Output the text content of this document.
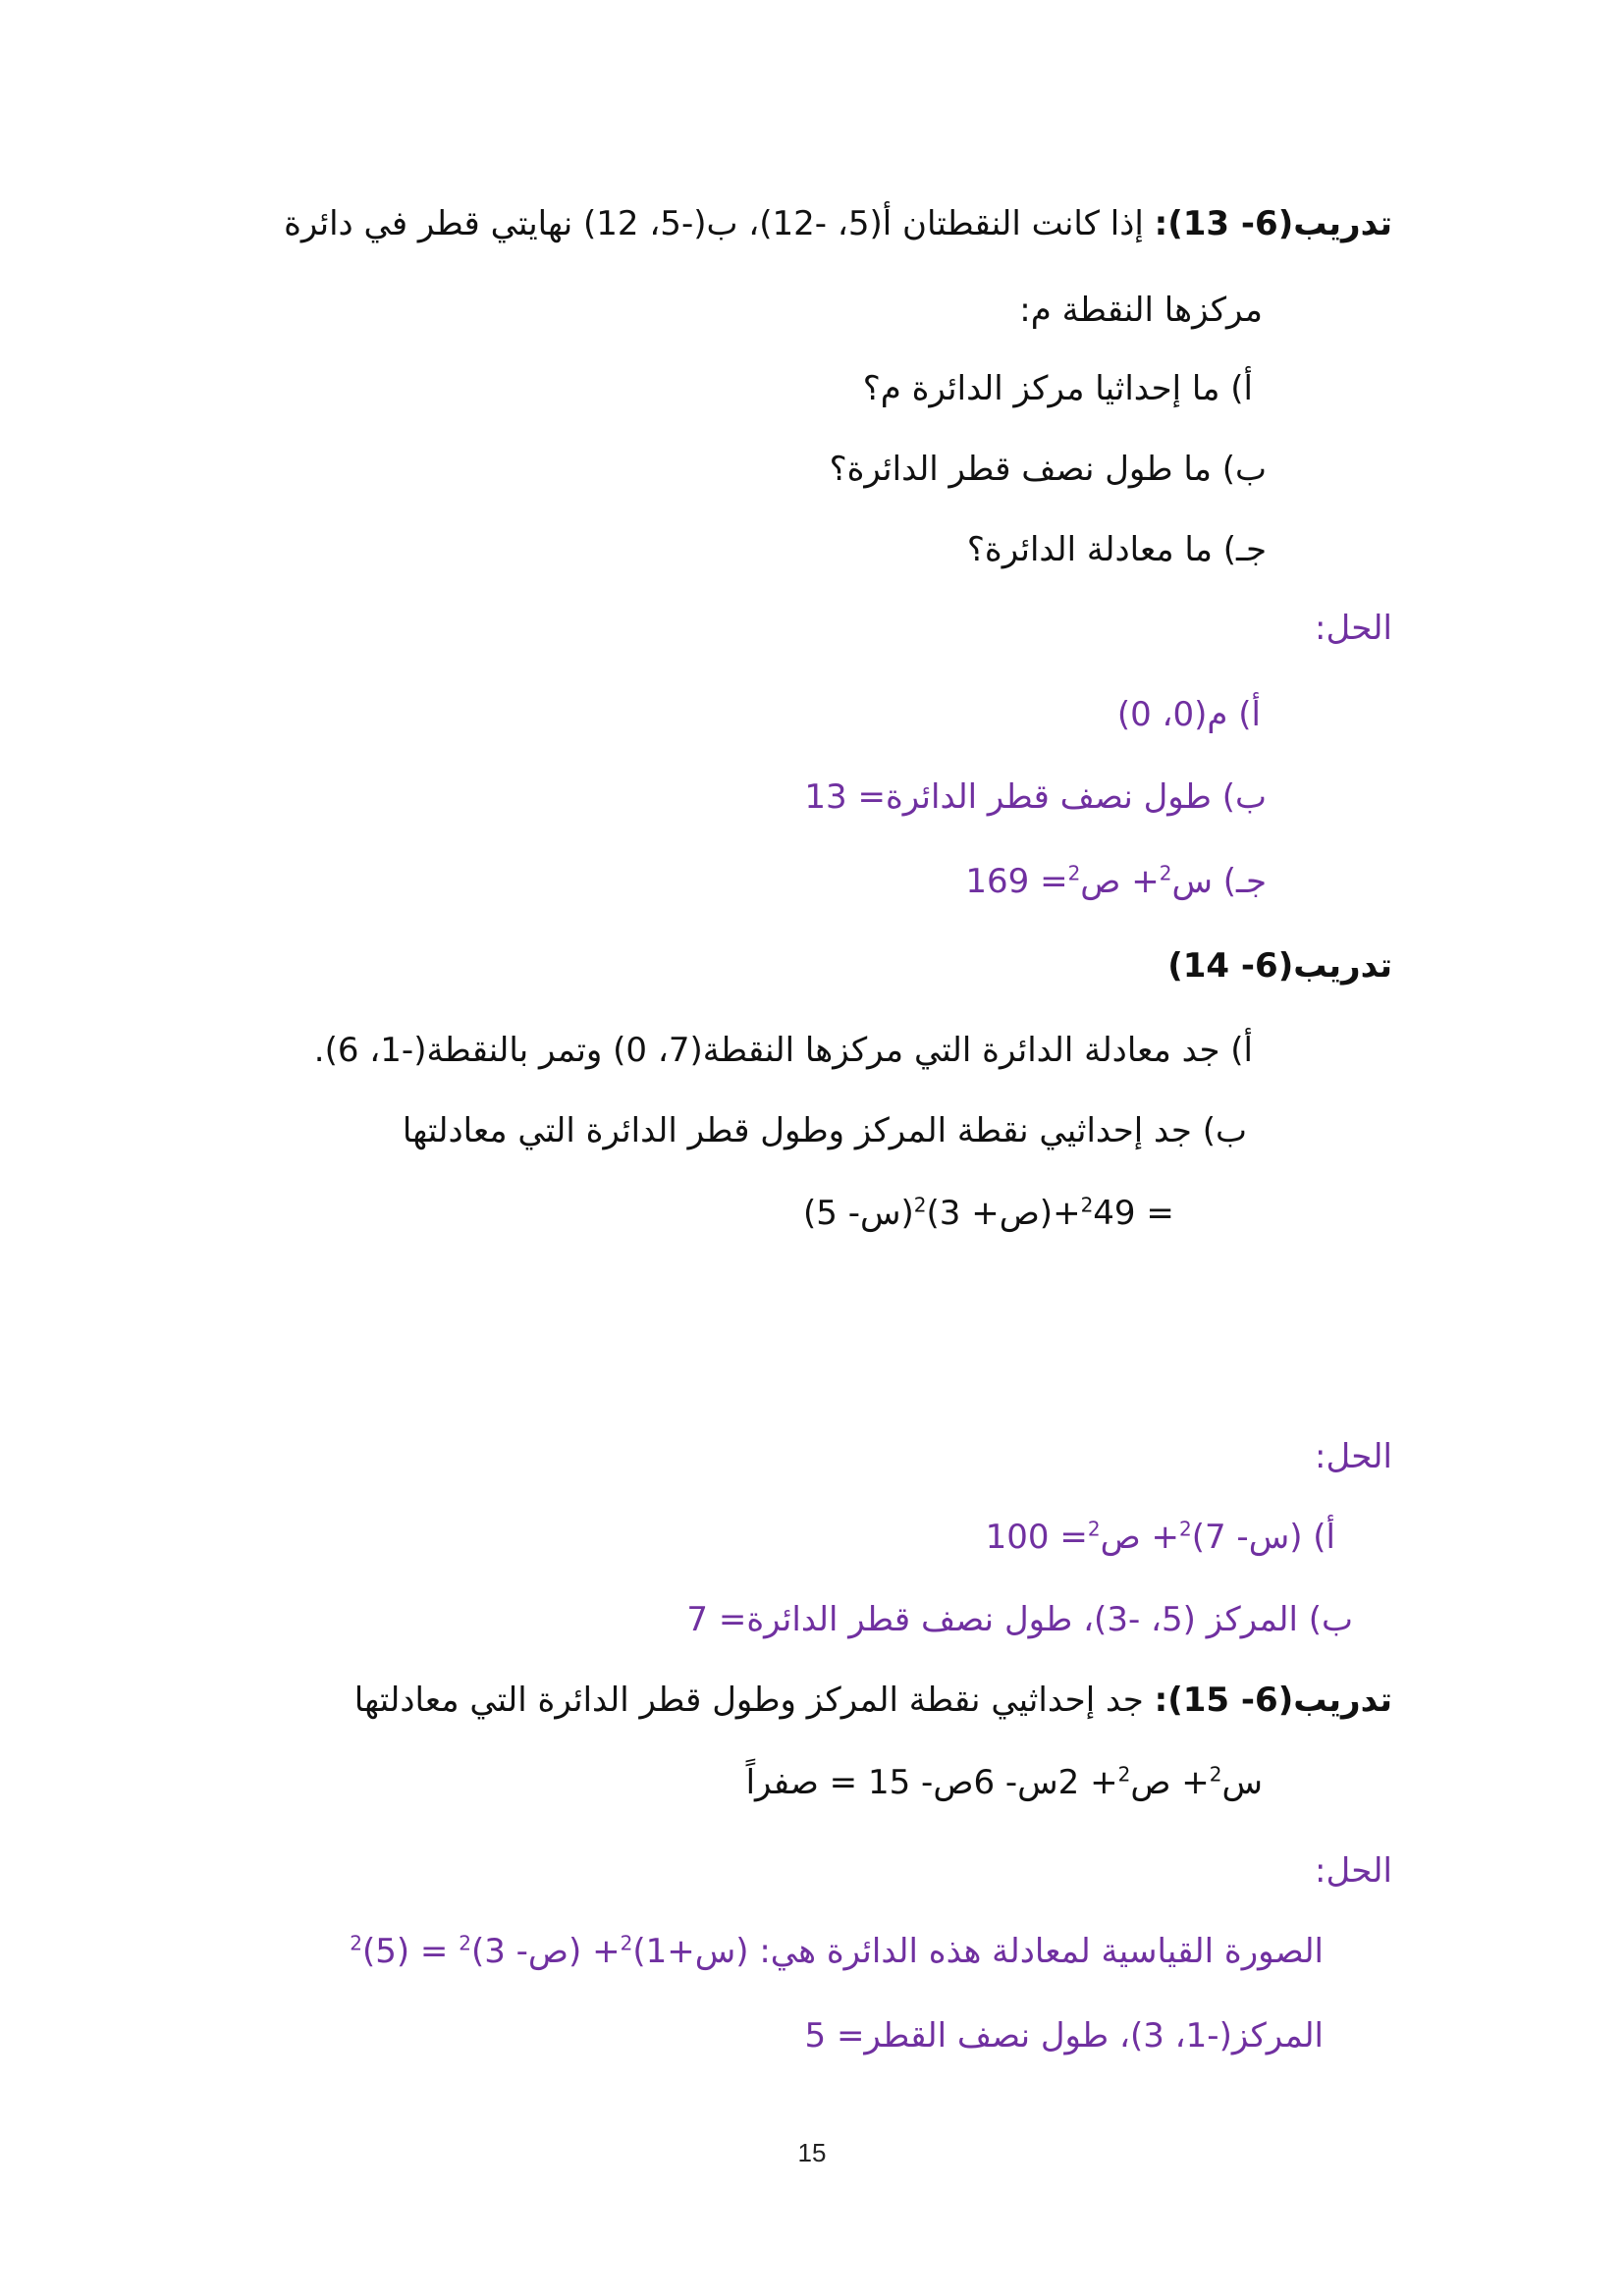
تدريب(6- 13): إذا كانت النقطتان أ(5، -12)، ب(-5، 12) نهايتي قطر في دائرة
مركزها النقطة م:
أ) ما إحداثيا مركز الدائرة م؟
ب) ما طول نصف قطر الدائرة؟
جـ) ما معادلة الدائرة؟
الحل:
أ) م(0، 0)
ب) طول نصف قطر الدائرة= 13
جـ) س$^2$+ ص$^2$= 169
تدريب(6- 14)
أ) جد معادلة الدائرة التي مركزها النقطة(7، 0) وتمر بالنقطة(-1، 6).
ب) جد إحداثيي نقطة المركز وطول قطر الدائرة التي معادلتها
(س- 5)$^2$+(ص+ 3)$^2$= 49
الحل:
أ) (س- 7)$^2$+ ص$^2$= 100
ب) المركز (5، -3)، طول نصف قطر الدائرة= 7
تدريب(6- 15): جد إحداثيي نقطة المركز وطول قطر الدائرة التي معادلتها
س$^2$+ ص$^2$+ 2س- 6ص- 15 = صفراً
الحل:
الصورة القياسية لمعادلة هذه الدائرة هي: (س+1)$^2$+ (ص- $3)^2 = (5)^2$
المركز(-1، 3)، طول نصف القطر= 5
15
